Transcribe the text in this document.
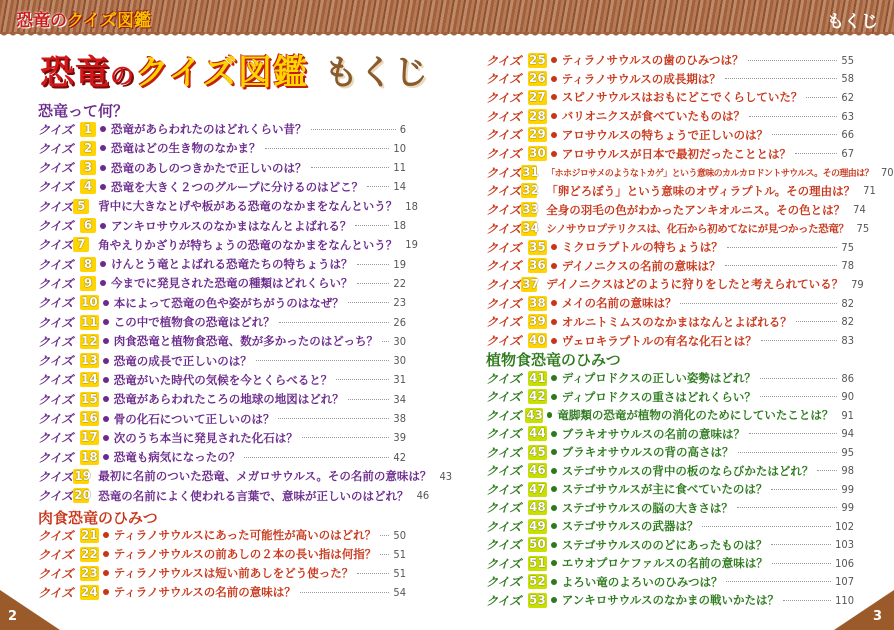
恐竜のクイズ図鑑	もくじ
恐竜のクイズ図鑑 もくじ
クイズ 1	恐竜があらわれたのはどれくらい昔？	6
クイズ 2	恐竜はどの生き物のなかま？	10
クイズ 3	恐竜のあしのつきかたで正しいのは？	11
クイズ 4	恐竜を大きく２つのグループに分けるのはどこ？	14
クイズ 5	背中に大きなとげや板がある恐竜のなかまをなんという？ 18
クイズ 6	アンキロサウルスのなかまはなんとよばれる？	18
クイズ 7	角やえりかざりが特ちょうの恐竜のなかまをなんという？ 19
クイズ 8	けんとう竜とよばれる恐竜たちの特ちょうは？	19
クイズ 9	今までに発見された恐竜の種類はどれくらい？	22
クイズ 10 本によって恐竜の色や姿がちがうのはなぜ？	23
クイズ 11 この中で植物食の恐竜はどれ？	26
クイズ 12 肉食恐竜と植物食恐竜、数が多かったのはどっち？ 30
クイズ 13 恐竜の成長で正しいのは？	30
クイズ 14 恐竜がいた時代の気候を今とくらべると？	31
クイズ 15 恐竜があらわれたころの地球の地図はどれ？	34
クイズ 16 骨の化石について正しいのは？	38
クイズ 17 次のうち本当に発見された化石は？	39
クイズ 18 恐竜も病気になったの？	42
クイズ 19 最初に名前のついた恐竜、メガロサウルス。その名前の意味は？ 43
クイズ 20 恐竜の名前によく使われる言葉で、意味が正しいのはどれ？ 46
恐竜って何？
クイズ 21 ティラノサウルスにあった可能性が高いのはどれ？ 50
クイズ 22 ティラノサウルスの前あしの２本の長い指は何指？ 51
クイズ 23 ティラノサウルスは短い前あしをどう使った？	51
クイズ 24 ティラノサウルスの名前の意味は？	54
クイズ 25 ティラノサウルスの歯のひみつは？	55
クイズ 26 ティラノサウルスの成長期は？	58
クイズ 27 スピノサウルスはおもにどこでくらしていた？	62
クイズ 28 バリオニクスが食べていたものは？	63
クイズ 29 アロサウルスの特ちょうで正しいのは？	66
クイズ 30 アロサウルスが日本で最初だったこととは？	67
クイズ 31 「ホホジロサメのようなトカゲ」という意味のカルカロドントサウルス。その理由は？ 70
クイズ 32 「卵どろぼう」という意味のオヴィラプトル。その理由は？ 71
クイズ 33 全身の羽毛の色がわかったアンキオルニス。その色とは？ 74
クイズ 34 シノサウロプテリクスは、化石から初めてなにが見つかった恐竜？ 75
クイズ 35 ミクロラプトルの特ちょうは？	75
クイズ 36 デイノニクスの名前の意味は？	78
クイズ 37 デイノニクスはどのように狩りをしたと考えられている？ 79
クイズ 38 メイの名前の意味は？	82
クイズ 39 オルニトミムスのなかまはなんとよばれる？	82
クイズ 40 ヴェロキラプトルの有名な化石とは？	83
肉食恐竜のひみつ
クイズ 41 ディプロドクスの正しい姿勢はどれ？	86
クイズ 42 ディプロドクスの重さはどれくらい？	90
クイズ 43 竜脚類の恐竜が植物の消化のためにしていたことは？ 91
クイズ 44 ブラキオサウルスの名前の意味は？	94
クイズ 45 ブラキオサウルスの背の高さは？	95
クイズ 46 ステゴサウルスの背中の板のならびかたはどれ？	98
クイズ 47 ステゴサウルスが主に食べていたのは？	99
クイズ 48 ステゴサウルスの脳の大きさは？	99
クイズ 49 ステゴサウルスの武器は？	102
クイズ 50 ステゴサウルスののどにあったものは？	103
クイズ 51 エウオプロケファルスの名前の意味は？	106
クイズ 52 よろい竜のよろいのひみつは？	107
クイズ 53 アンキロサウルスのなかまの戦いかたは？	110
植物食恐竜のひみつ
2	3
